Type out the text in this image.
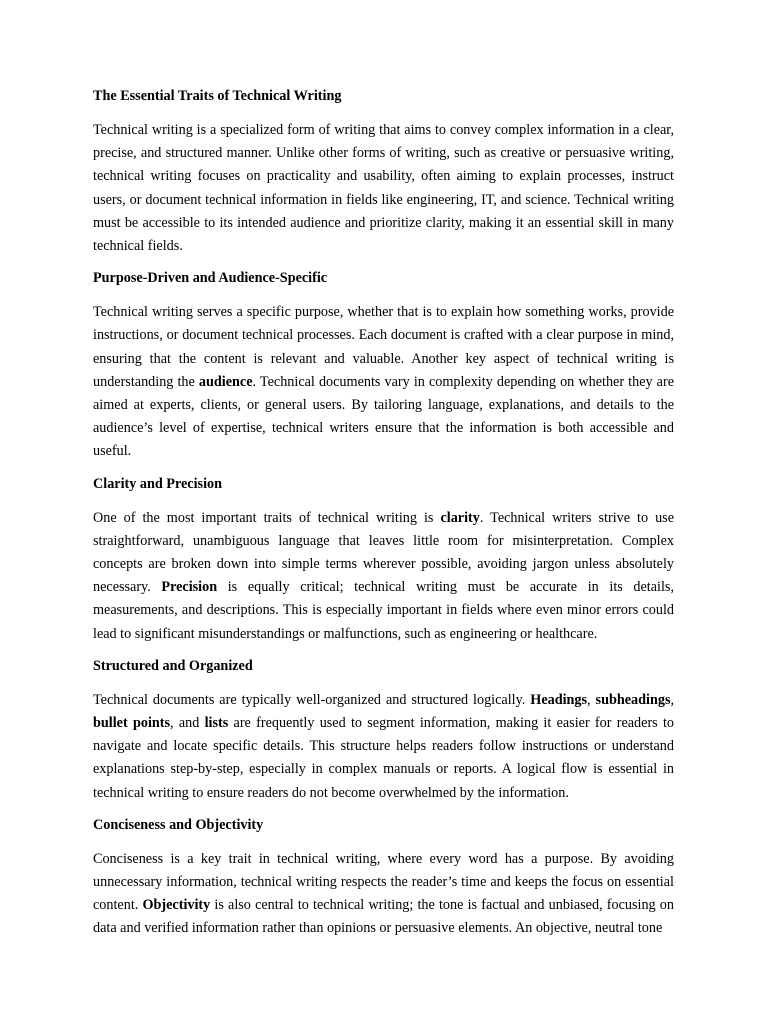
The Essential Traits of Technical Writing
Technical writing is a specialized form of writing that aims to convey complex information in a clear, precise, and structured manner. Unlike other forms of writing, such as creative or persuasive writing, technical writing focuses on practicality and usability, often aiming to explain processes, instruct users, or document technical information in fields like engineering, IT, and science. Technical writing must be accessible to its intended audience and prioritize clarity, making it an essential skill in many technical fields.
Purpose-Driven and Audience-Specific
Technical writing serves a specific purpose, whether that is to explain how something works, provide instructions, or document technical processes. Each document is crafted with a clear purpose in mind, ensuring that the content is relevant and valuable. Another key aspect of technical writing is understanding the audience. Technical documents vary in complexity depending on whether they are aimed at experts, clients, or general users. By tailoring language, explanations, and details to the audience’s level of expertise, technical writers ensure that the information is both accessible and useful.
Clarity and Precision
One of the most important traits of technical writing is clarity. Technical writers strive to use straightforward, unambiguous language that leaves little room for misinterpretation. Complex concepts are broken down into simple terms wherever possible, avoiding jargon unless absolutely necessary. Precision is equally critical; technical writing must be accurate in its details, measurements, and descriptions. This is especially important in fields where even minor errors could lead to significant misunderstandings or malfunctions, such as engineering or healthcare.
Structured and Organized
Technical documents are typically well-organized and structured logically. Headings, subheadings, bullet points, and lists are frequently used to segment information, making it easier for readers to navigate and locate specific details. This structure helps readers follow instructions or understand explanations step-by-step, especially in complex manuals or reports. A logical flow is essential in technical writing to ensure readers do not become overwhelmed by the information.
Conciseness and Objectivity
Conciseness is a key trait in technical writing, where every word has a purpose. By avoiding unnecessary information, technical writing respects the reader’s time and keeps the focus on essential content. Objectivity is also central to technical writing; the tone is factual and unbiased, focusing on data and verified information rather than opinions or persuasive elements. An objective, neutral tone
